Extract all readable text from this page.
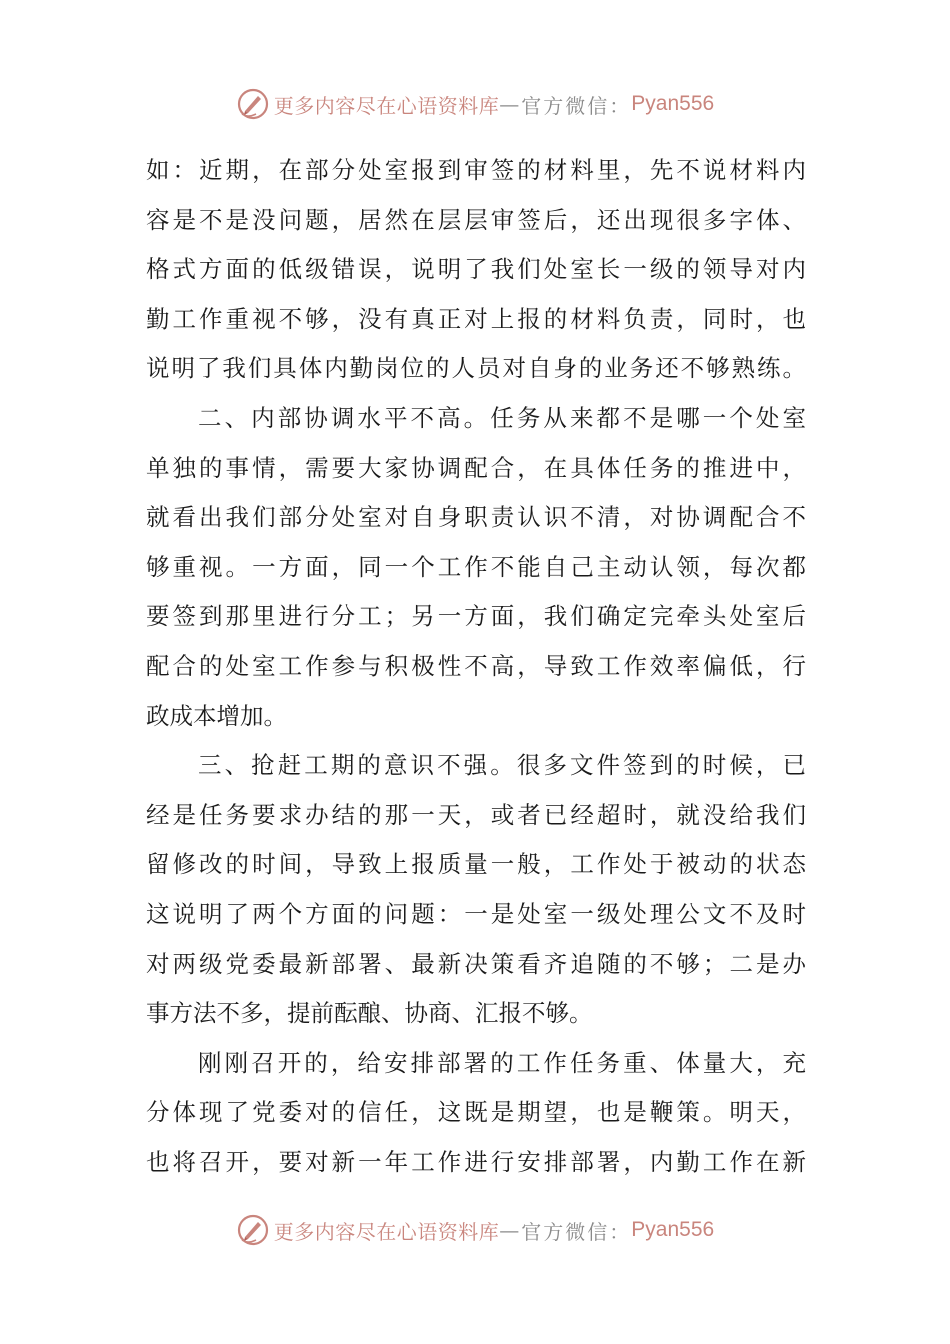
更多内容尽在心语资料库 — 官方微信： Pyan556
如：近期，在部分处室报到审签的材料里，先不说材料内
容是不是没问题，居然在层层审签后，还出现很多字体、
格式方面的低级错误，说明了我们处室长一级的领导对内
勤工作重视不够，没有真正对上报的材料负责，同时，也
说明了我们具体内勤岗位的人员对自身的业务还不够熟练。
二、内部协调水平不高。任务从来都不是哪一个处室
单独的事情，需要大家协调配合，在具体任务的推进中，
就看出我们部分处室对自身职责认识不清，对协调配合不
够重视。一方面，同一个工作不能自己主动认领，每次都
要签到那里进行分工；另一方面，我们确定完牵头处室后
配合的处室工作参与积极性不高，导致工作效率偏低，行
政成本增加。
三、抢赶工期的意识不强。很多文件签到的时候，已
经是任务要求办结的那一天，或者已经超时，就没给我们
留修改的时间，导致上报质量一般，工作处于被动的状态
这说明了两个方面的问题：一是处室一级处理公文不及时
对两级党委最新部署、最新决策看齐追随的不够；二是办
事方法不多，提前酝酿、协商、汇报不够。
刚刚召开的，给安排部署的工作任务重、体量大，充
分体现了党委对的信任，这既是期望，也是鞭策。明天，
也将召开，要对新一年工作进行安排部署，内勤工作在新
更多内容尽在心语资料库 — 官方微信： Pyan556
